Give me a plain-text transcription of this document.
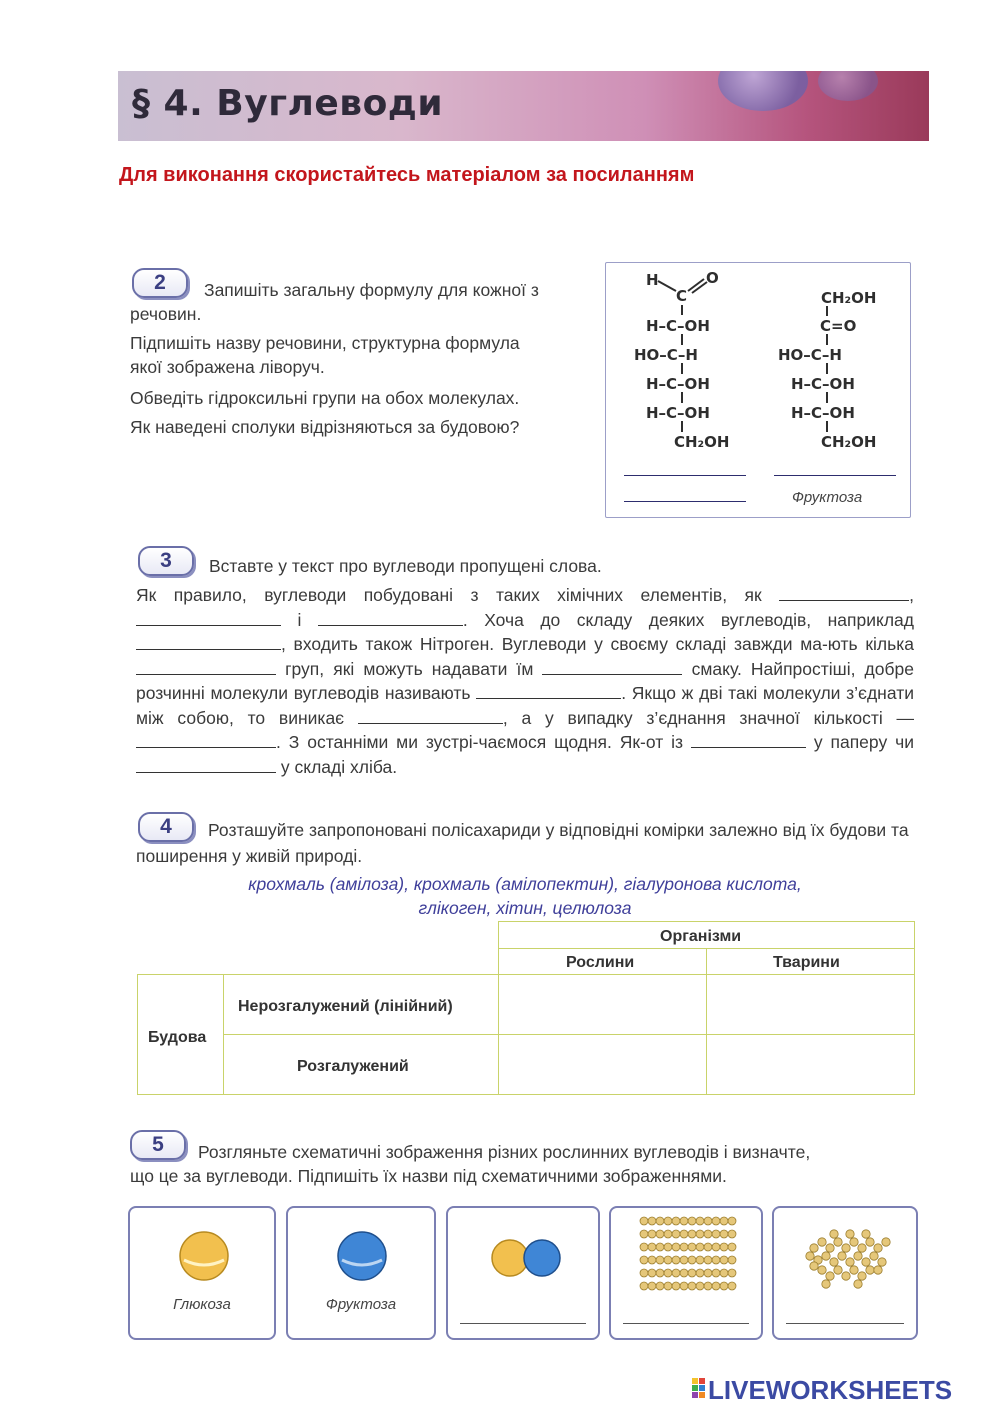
§ 4. Вуглеводи
Для виконання скористайтесь матеріалом за посиланням
2	Запишіть загальну формулу для кожної з
речовин.
Підпишіть назву речовини, структурна формула
якої зображена ліворуч.
Обведіть гідроксильні групи на обох молекулах.
Як наведені сполуки відрізняються за будовою?
H	O
C
H–C–OH
HO–C–H
H–C–OH
H–C–OH
CH₂OH
CH₂OH
C=O
HO–C–H
H–C–OH
H–C–OH
CH₂OH
Фруктоза
3	Вставте у текст про вуглеводи пропущені слова.
Як правило, вуглеводи побудовані з таких хімічних елементів, як	,  і	. Хоча до складу деяких вуглеводів, наприклад , входить також Нітроген. Вуглеводи у своєму складі завжди ма-ють кілька  груп, які можуть надавати їм	смаку. Найпростіші, добре розчинні молекули вуглеводів називають	. Якщо ж дві такі молекули з’єднати між собою, то виникає	, а у випадку з’єднання значної кількості — . З останніми ми зустрі-чаємося щодня. Як-от із	у паперу чи  у складі хліба.
4	Розташуйте запропоновані полісахариди у відповідні комірки залежно від їх будови та поширення у живій природі.
крохмаль (амілоза), крохмаль (амілопектин), гіалуронова кислота,
глікоген, хітин, целюлоза
Організми
Рослини	Тварини
Будова
Нерозгалужений (лінійний)
Розгалужений
5	Розгляньте схематичні зображення різних рослинних вуглеводів і визначте,
що це за вуглеводи. Підпишіть їх назви під схематичними зображеннями.
Глюкоза	Фруктоза
LIVEWORKSHEETS
